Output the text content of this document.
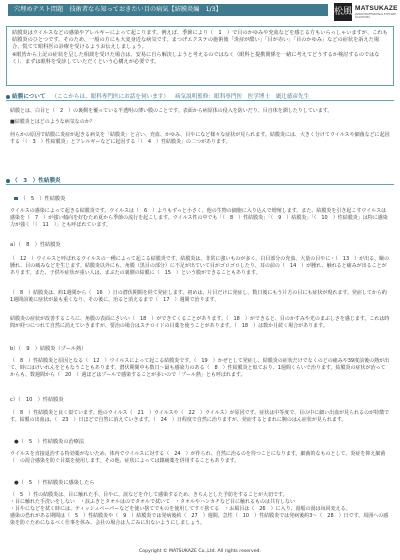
穴埋めテスト問題　技術者なら知っておきたい目の病気【結膜炎編　1/3】	松風 MATSUKAZE
JAPAN PROFESSIONAL EYECARE SOLUTIONS

結膜炎はウイルスなどの感染やアレルギーによって起こります。例えば、季節により（　1　）で目のかゆみや充血などを感じる方もいらっしゃいますが、これも結膜炎のひとつです。そのため、一般の方にも大変身近な病気です。まつげエクステの施術後「炎症が酷い」「目が赤い」「目のかゆみ」などの症状を訴えた場合、慌てて眼科医の診療を受けるようお伝えしましょう。

※眼皆から上記の症状を呈した相談を受けた場合は、安易に自ら解決しようと考えるのではなく（眼科と提携関係を一緒に考えてどうするか検討するのではなく）、まずは眼科を受診していただくという心構えが必要です。

結膜について （ここからは、眼科専門医にお話を伺います） 病気説明監修：眼科専門医　医学博士　廣辻徳彦先生

結膜とは、白目と（　2　）の裏側を覆っている半透明の薄い膜のことです。表面から病原体の侵入を防いだり、目自体を潤したりしています。

■結膜炎とはどのような病気なのか？

何らかの原因で結膜に炎症が起きる病気を「結膜炎」と言い、充血、かゆみ、目やになど様々な症状が見られます。結膜炎には、大きく分けてウイルスや細菌などに起因する「（　3　）性結膜炎」とアレルギーなどに起因する「（　4　）性結膜炎」の二つがあります。

（　3　）性結膜炎
（　5　）性結膜炎
ウイルスの感染によって起きる結膜炎です。ウイルスは（　6　）よりもずっと小さく、他の生物の細胞に入り込んで増殖します。また、結膜炎を引き起こすウイルスは感染を（　7　）が強い傾向を好むため夏から季節の流行を起こします。ウイルス性の中でも「（　8　）性結膜炎」「（　9　）結膜炎」「（　10　）性結膜炎」は特に感染力が強く「（　11　）」とも呼ばれています。
a）（　8　）性結膜炎
（　12　）ウイルスと呼ばれるウイルスの一種によって起こる結膜炎です。結膜炎は、非常に強いものが多く、白目部分の充血、大量の目やに・（　13　）が出る、瞼の腫れ、目の痛みなどを生じます。結膜炎以外にも、角膜（黒目の部分）に不足が出ていて目がゴロゴロしたり、耳の前の（　14　）が腫れ、触れると痛みが出ることがあります。また、子供や症状が重い人は、まぶたの裏側の結膜に（　15　）という膜ができることもあります。
（　8　）結膜炎は、約1週間から（　16　）日の潜伏期間を経て発症します。初めは、片目だけに発症し、数日後にもう片方の目にも症状が現れます。発症してから約1週間前後に症状が最も重くなり、その後に、治ると消えるまで（　17　）週間で治ります。
結膜炎の症状が改善するころに、角膜の表面にさいい（　18　）ができてくることがあります。（　18　）ができると、目のかすみや光のまぶしさを感じます。これは時間が経つにつれて自然に消えていきますが、要治の場合はステロイドの目薬を使うことがあります。（　18　）は数か月続く場合があります。
b）（　9　）結膜炎（プール熱）
（　8　）性結膜炎と原因となる（　12　）ウイルスによって起こる結膜炎です。（　19　）かぜとして発症し、結膜炎の症状だけでなくのどの痛みや39度前後の熱が出て、時にはけいれんをともなうこともあります。潜伏期間中も数日〜最も感染力のある（　8　）性結膜炎と似ており、1週間くらいで治ります。結膜炎の症状が治ってからも、数週間から（　20　）週ほどはプールで感染することが多いので「プール熱」とも呼ばれます。
c）（　10　）性結膜炎
（　8　）性結膜炎と良く似ています。他のウイルス（　21　）ウイルスや（　22　）ウイルス）が原因です。症状は中等度で、目の中に細い出血が見られるのが特徴です。結膜の出血は、（　23　）日ほどで自然に消えていきます。（　24　）日程度で自然に治りますが、発症するとまれに腕のはん症状が見られます。
●（　5　）性結膜炎の治療法
ウイルスを直接退治する特効薬がないため、体内でウイルスに対する（　24　）が作られ、自然に治るのを待つことになります。細菌的なものとして、炎症を抑え細菌（　の混合感染を防ぐ目薬を使用します。その他、症状によっては鎮痛薬を併用することもあります。
●（　5　）性結膜炎に感染したら

（　5　）性の結膜炎は、目に触れた手、目やに、涙などを介して感染するため、きちんとした予防をすることが大切です。

・目に触れた手洗いをしない　・涙ふきとタオルはのでタオルで拭いて　・タオルやハンカチなど目に触れるものは共有しない

・目やになどを拭く時には、ティッシュペーパーなどを使い捨てでものを使用してすぐ捨てる　・お風呂は（　26　）に入り、湯船の湯は毎回変える。

感染の恐れがある期間は（　5　）性結膜炎や（　9　）結膜炎では発病後約（　27　）週間、急性（　10　）性結膜炎では発病後約3〜（　28　）日です。周囲への感染を防ぐためになるべく仕事を休み、会社の場合は人ごみに出ないようにしましょう。

Copyright © MATSUKAZE Co.,Ltd. All rights reserved.
